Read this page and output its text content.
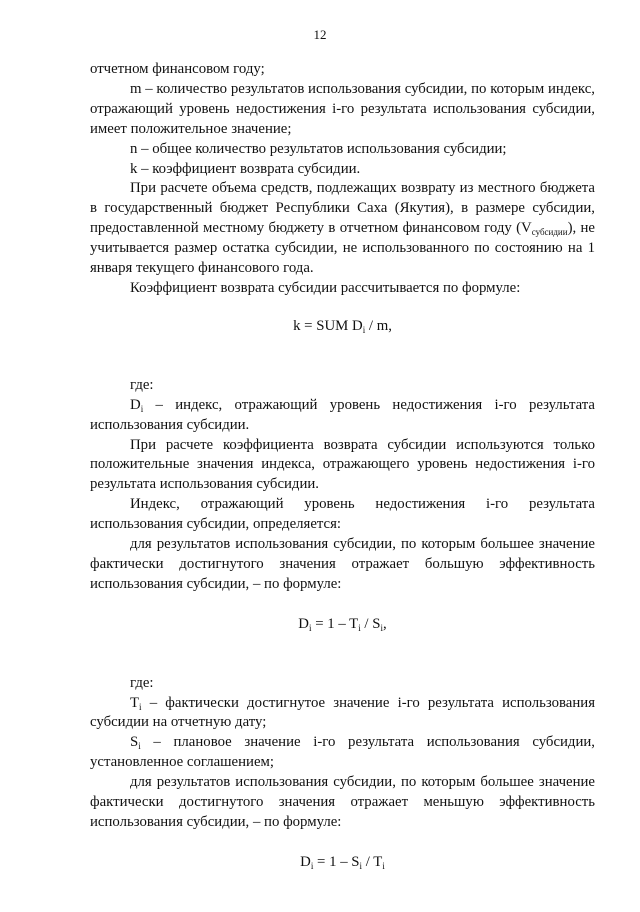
12

отчетном финансовом году;

m – количество результатов использования субсидии, по которым индекс, отражающий уровень недостижения i-го результата использования субсидии, имеет положительное значение;

n – общее количество результатов использования субсидии;

k – коэффициент возврата субсидии.

При расчете объема средств, подлежащих возврату из местного бюджета в государственный бюджет Республики Саха (Якутия), в размере субсидии, предоставленной местному бюджету в отчетном финансовом году $(V_{субсидии})$, не учитывается размер остатка субсидии, не использованного по состоянию на 1 января текущего финансового года.

Коэффициент возврата субсидии рассчитывается по формуле:

k = SUM $D_i$ / m,

где:

$D_i$ – индекс, отражающий уровень недостижения i-го результата использования субсидии.

При расчете коэффициента возврата субсидии используются только положительные значения индекса, отражающего уровень недостижения i-го результата использования субсидии.

Индекс, отражающий уровень недостижения i-го результата использования субсидии, определяется:

для результатов использования субсидии, по которым большее значение фактически достигнутого значения отражает большую эффективность использования субсидии, – по формуле:

$D_i = 1 - T_i / S_i$,

где:

$T_i$ – фактически достигнутое значение i-го результата использования субсидии на отчетную дату;

$S_i$ – плановое значение i-го результата использования субсидии, установленное соглашением;

для результатов использования субсидии, по которым большее значение фактически достигнутого значения отражает меньшую эффективность использования субсидии, – по формуле:

$D_i = 1 - S_i / T_i$
